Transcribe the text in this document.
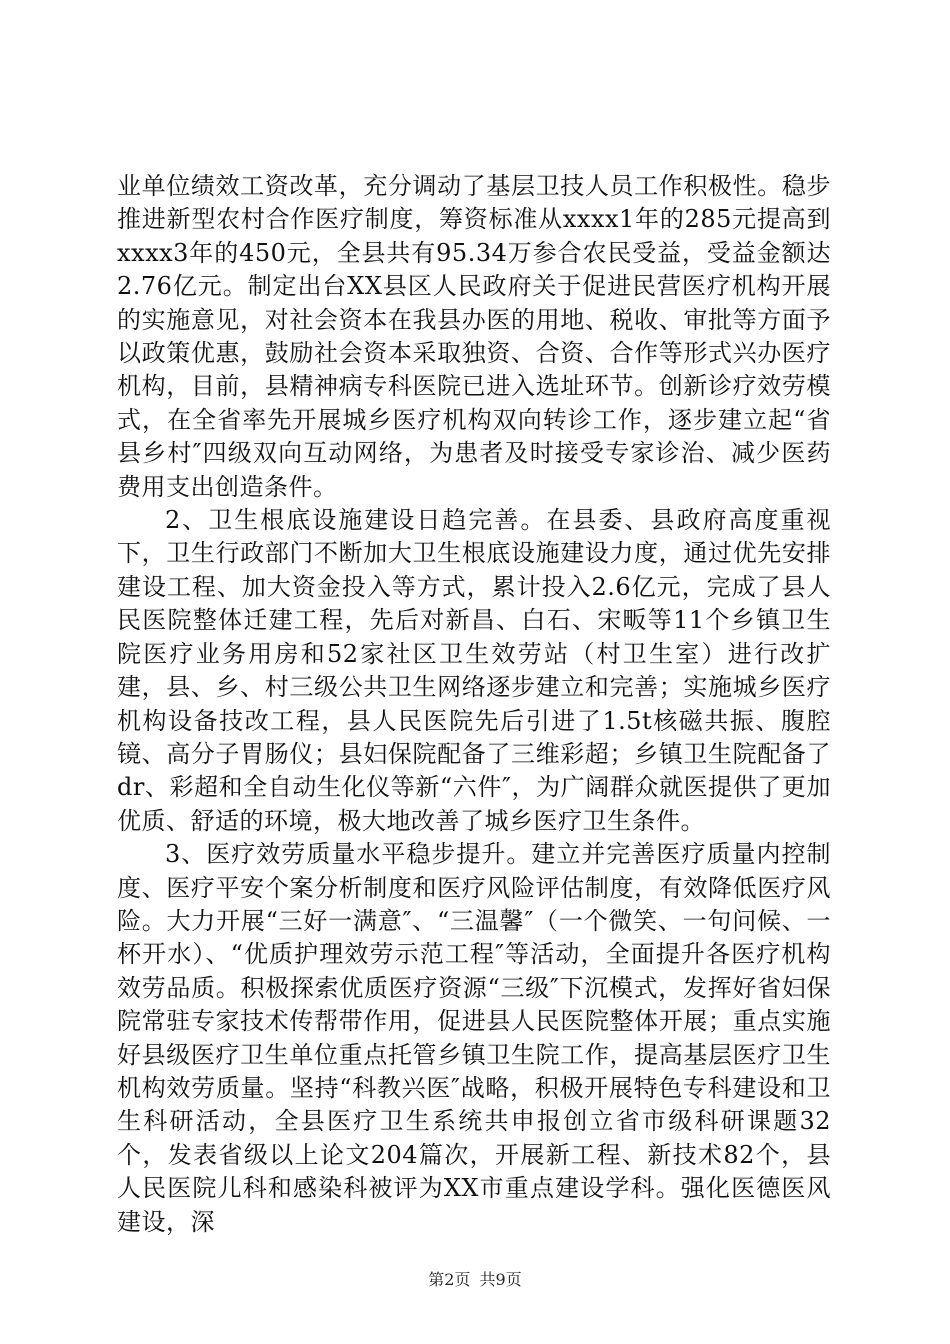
业单位绩效工资改革，充分调动了基层卫技人员工作积极性。稳步推进新型农村合作医疗制度，筹资标准从xxxx1年的285元提高到xxxx3年的450元，全县共有95.34万参合农民受益，受益金额达2.76亿元。制定出台XX县区人民政府关于促进民营医疗机构开展的实施意见，对社会资本在我县办医的用地、税收、审批等方面予以政策优惠，鼓励社会资本采取独资、合资、合作等形式兴办医疗机构，目前，县精神病专科医院已进入选址环节。创新诊疗效劳模式，在全省率先开展城乡医疗机构双向转诊工作，逐步建立起“省县乡村″四级双向互动网络，为患者及时接受专家诊治、减少医药费用支出创造条件。

2、卫生根底设施建设日趋完善。在县委、县政府高度重视下，卫生行政部门不断加大卫生根底设施建设力度，通过优先安排建设工程、加大资金投入等方式，累计投入2.6亿元，完成了县人民医院整体迁建工程，先后对新昌、白石、宋畈等11个乡镇卫生院医疗业务用房和52家社区卫生效劳站（村卫生室）进行改扩建，县、乡、村三级公共卫生网络逐步建立和完善；实施城乡医疗机构设备技改工程，县人民医院先后引进了1.5t核磁共振、腹腔镜、高分子胃肠仪；县妇保院配备了三维彩超；乡镇卫生院配备了dr、彩超和全自动生化仪等新“六件″，为广阔群众就医提供了更加优质、舒适的环境，极大地改善了城乡医疗卫生条件。

3、医疗效劳质量水平稳步提升。建立并完善医疗质量内控制度、医疗平安个案分析制度和医疗风险评估制度，有效降低医疗风险。大力开展“三好一满意″、“三温馨″（一个微笑、一句问候、一杯开水）、“优质护理效劳示范工程″等活动，全面提升各医疗机构效劳品质。积极探索优质医疗资源“三级″下沉模式，发挥好省妇保院常驻专家技术传帮带作用，促进县人民医院整体开展；重点实施好县级医疗卫生单位重点托管乡镇卫生院工作，提高基层医疗卫生机构效劳质量。坚持“科教兴医″战略，积极开展特色专科建设和卫生科研活动，全县医疗卫生系统共申报创立省市级科研课题32个，发表省级以上论文204篇次，开展新工程、新技术82个，县人民医院儿科和感染科被评为XX市重点建设学科。强化医德医风建设，深

第2页 共9页
